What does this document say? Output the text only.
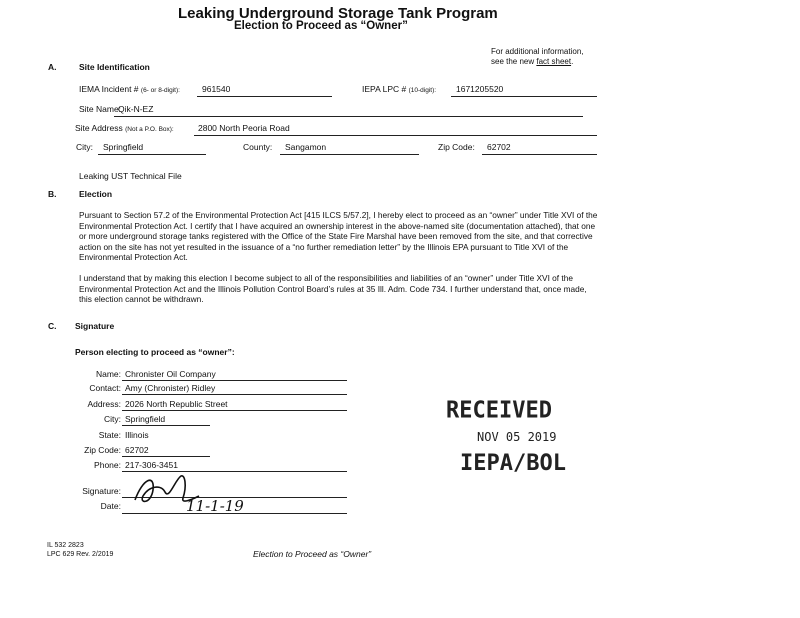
Leaking Underground Storage Tank Program
Election to Proceed as “Owner”
For additional information,
see the new fact sheet.
A.	Site Identification
IEMA Incident # (6- or 8-digit):	961540	IEPA LPC # (10-digit): 1671205520
Site Name:
Qik-N-EZ
Site Address (Not a P.O. Box):	2800 North Peoria Road
City: Springfield	County: Sangamon	Zip Code: 62702
Leaking UST Technical File
B.	Election
Pursuant to Section 57.2 of the Environmental Protection Act [415 ILCS 5/57.2], I hereby elect to proceed as an “owner” under Title XVI of the Environmental Protection Act. I certify that I have acquired an ownership interest in the above-named site (documentation attached), that one or more underground storage tanks registered with the Office of the State Fire Marshal have been removed from the site, and that corrective action on the site has not yet resulted in the issuance of a “no further remediation letter” by the Illinois EPA pursuant to Title XVI of the Environmental Protection Act.
I understand that by making this election I become subject to all of the responsibilities and liabilities of an “owner” under Title XVI of the Environmental Protection Act and the Illinois Pollution Control Board’s rules at 35 Ill. Adm. Code 734. I further understand that, once made, this election cannot be withdrawn.
C. Signature
Person electing to proceed as “owner”:
Name: Chronister Oil Company
Contact: Amy (Chronister) Ridley
Address: 2026 North Republic Street
City: Springfield
State: Illinois
Zip Code: 62702
Phone: 217-306-3451
Signature:
Date:	11-1-19
RECEIVED
NOV 05 2019
IEPA/BOL
IL 532 2823
LPC 629 Rev. 2/2019	Election to Proceed as “Owner”
